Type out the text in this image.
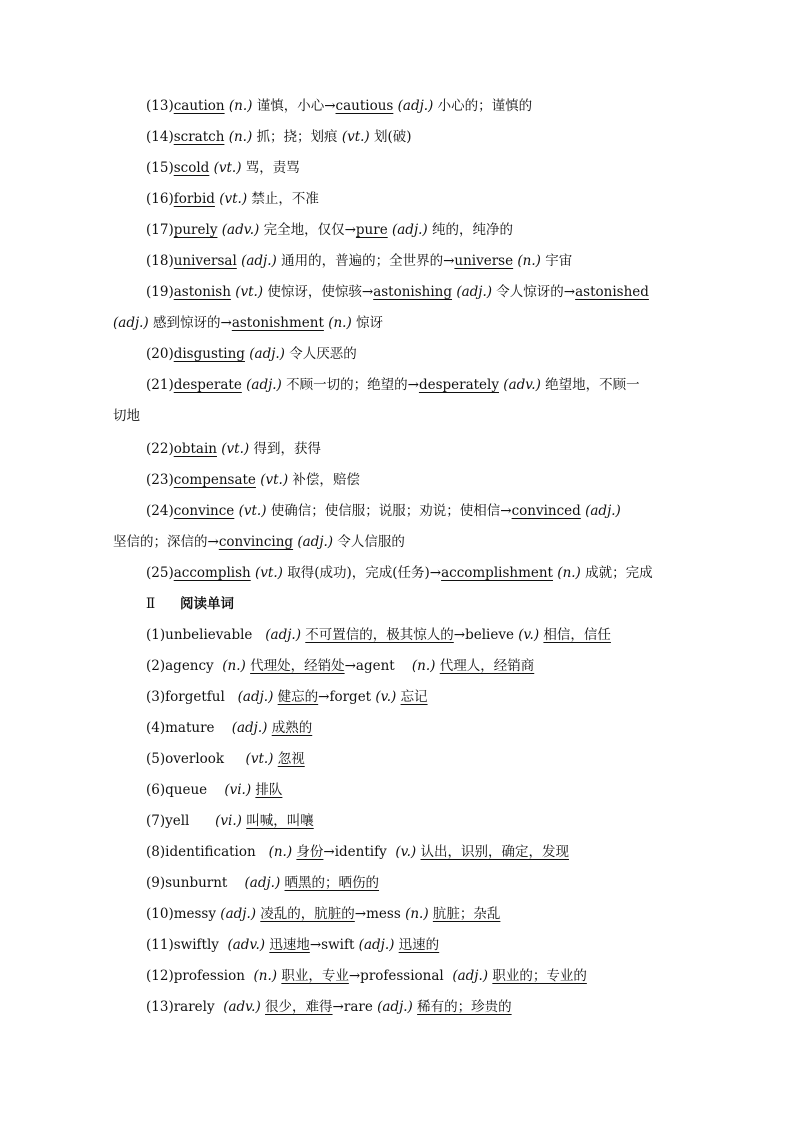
(13)caution (n.) 谨慎，小心→cautious (adj.) 小心的；谨慎的
(14)scratch (n.) 抓；挠；划痕 (vt.) 划(破)
(15)scold (vt.) 骂，责骂
(16)forbid (vt.) 禁止，不准
(17)purely (adv.) 完全地，仅仅→pure (adj.) 纯的，纯净的
(18)universal (adj.) 通用的，普遍的；全世界的→universe (n.) 宇宙
(19)astonish (vt.) 使惊讶，使惊骇→astonishing (adj.) 令人惊讶的→astonished
(adj.) 感到惊讶的→astonishment (n.) 惊讶
(20)disgusting (adj.) 令人厌恶的
(21)desperate (adj.) 不顾一切的；绝望的→desperately (adv.) 绝望地，不顾一
切地
(22)obtain (vt.) 得到，获得
(23)compensate (vt.) 补偿，赔偿
(24)convince (vt.) 使确信；使信服；说服；劝说；使相信→convinced (adj.)
坚信的；深信的→convincing (adj.) 令人信服的
(25)accomplish (vt.) 取得(成功)，完成(任务)→accomplishment (n.) 成就；完成
Ⅱ 阅读单词
(1)unbelievable (adj.) 不可置信的，极其惊人的→believe (v.) 相信，信任
(2)agency (n.) 代理处，经销处→agent (n.) 代理人，经销商
(3)forgetful (adj.) 健忘的→forget (v.) 忘记
(4)mature (adj.) 成熟的
(5)overlook (vt.) 忽视
(6)queue (vi.) 排队
(7)yell (vi.) 叫喊，叫嚷
(8)identification (n.) 身份→identify (v.) 认出，识别，确定，发现
(9)sunburnt (adj.) 晒黑的；晒伤的
(10)messy (adj.) 凌乱的，肮脏的→mess (n.) 肮脏；杂乱
(11)swiftly (adv.) 迅速地→swift (adj.) 迅速的
(12)profession (n.) 职业，专业→professional (adj.) 职业的；专业的
(13)rarely (adv.) 很少，难得→rare (adj.) 稀有的；珍贵的
